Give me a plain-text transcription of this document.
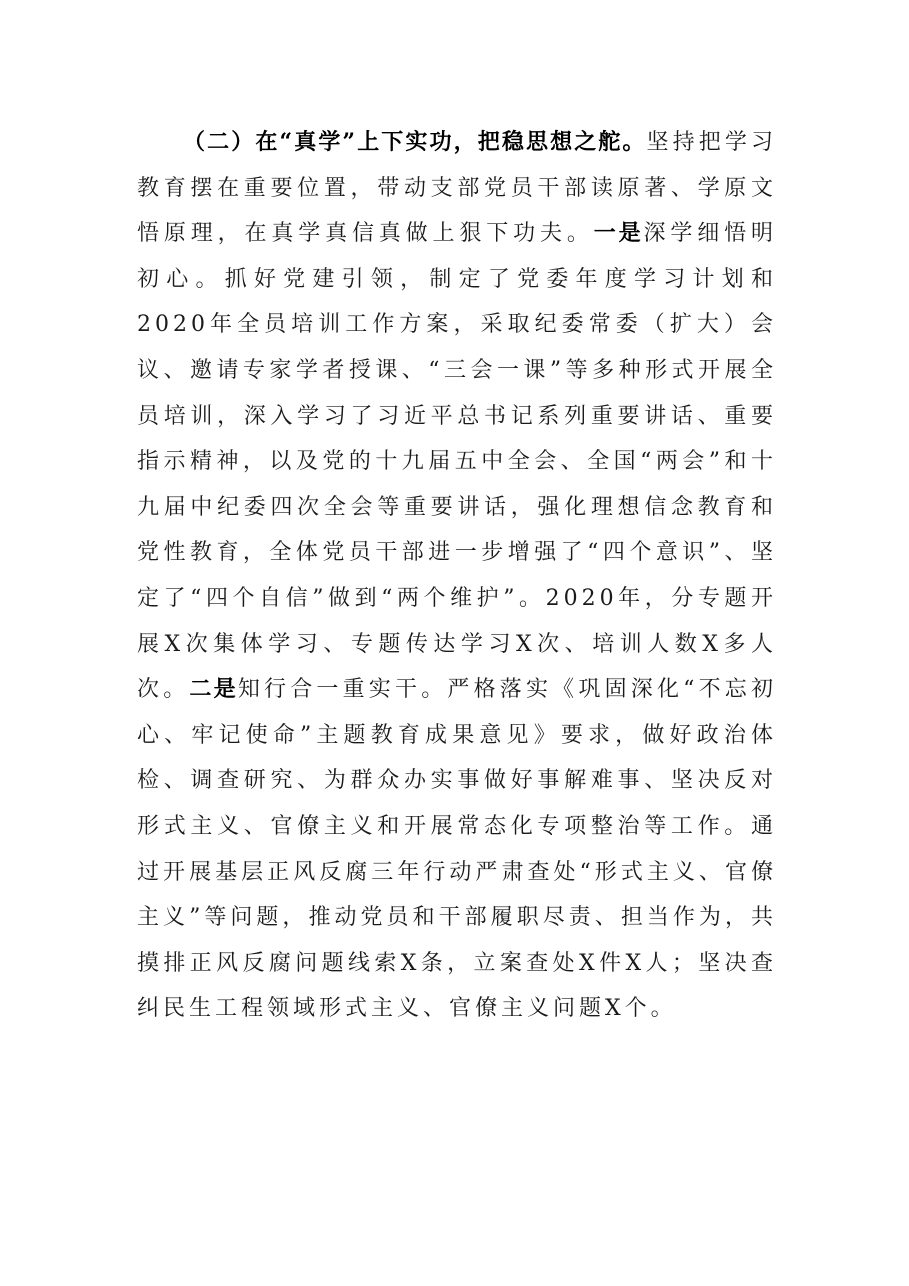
（二）在“真学”上下实功，把稳思想之舵。坚持把学习教育摆在重要位置，带动支部党员干部读原著、学原文悟原理，在真学真信真做上狠下功夫。一是深学细悟明初心。抓好党建引领，制定了党委年度学习计划和2020年全员培训工作方案，采取纪委常委（扩大）会议、邀请专家学者授课、“三会一课”等多种形式开展全员培训，深入学习了习近平总书记系列重要讲话、重要指示精神，以及党的十九届五中全会、全国“两会”和十九届中纪委四次全会等重要讲话，强化理想信念教育和党性教育，全体党员干部进一步增强了“四个意识”、坚定了“四个自信”做到“两个维护”。2020年，分专题开展X次集体学习、专题传达学习X次、培训人数X多人次。二是知行合一重实干。严格落实《巩固深化“不忘初心、牢记使命”主题教育成果意见》要求，做好政治体检、调查研究、为群众办实事做好事解难事、坚决反对形式主义、官僚主义和开展常态化专项整治等工作。通过开展基层正风反腐三年行动严肃查处“形式主义、官僚主义”等问题，推动党员和干部履职尽责、担当作为，共摸排正风反腐问题线索X条，立案查处X件X人；坚决查纠民生工程领域形式主义、官僚主义问题X个。
